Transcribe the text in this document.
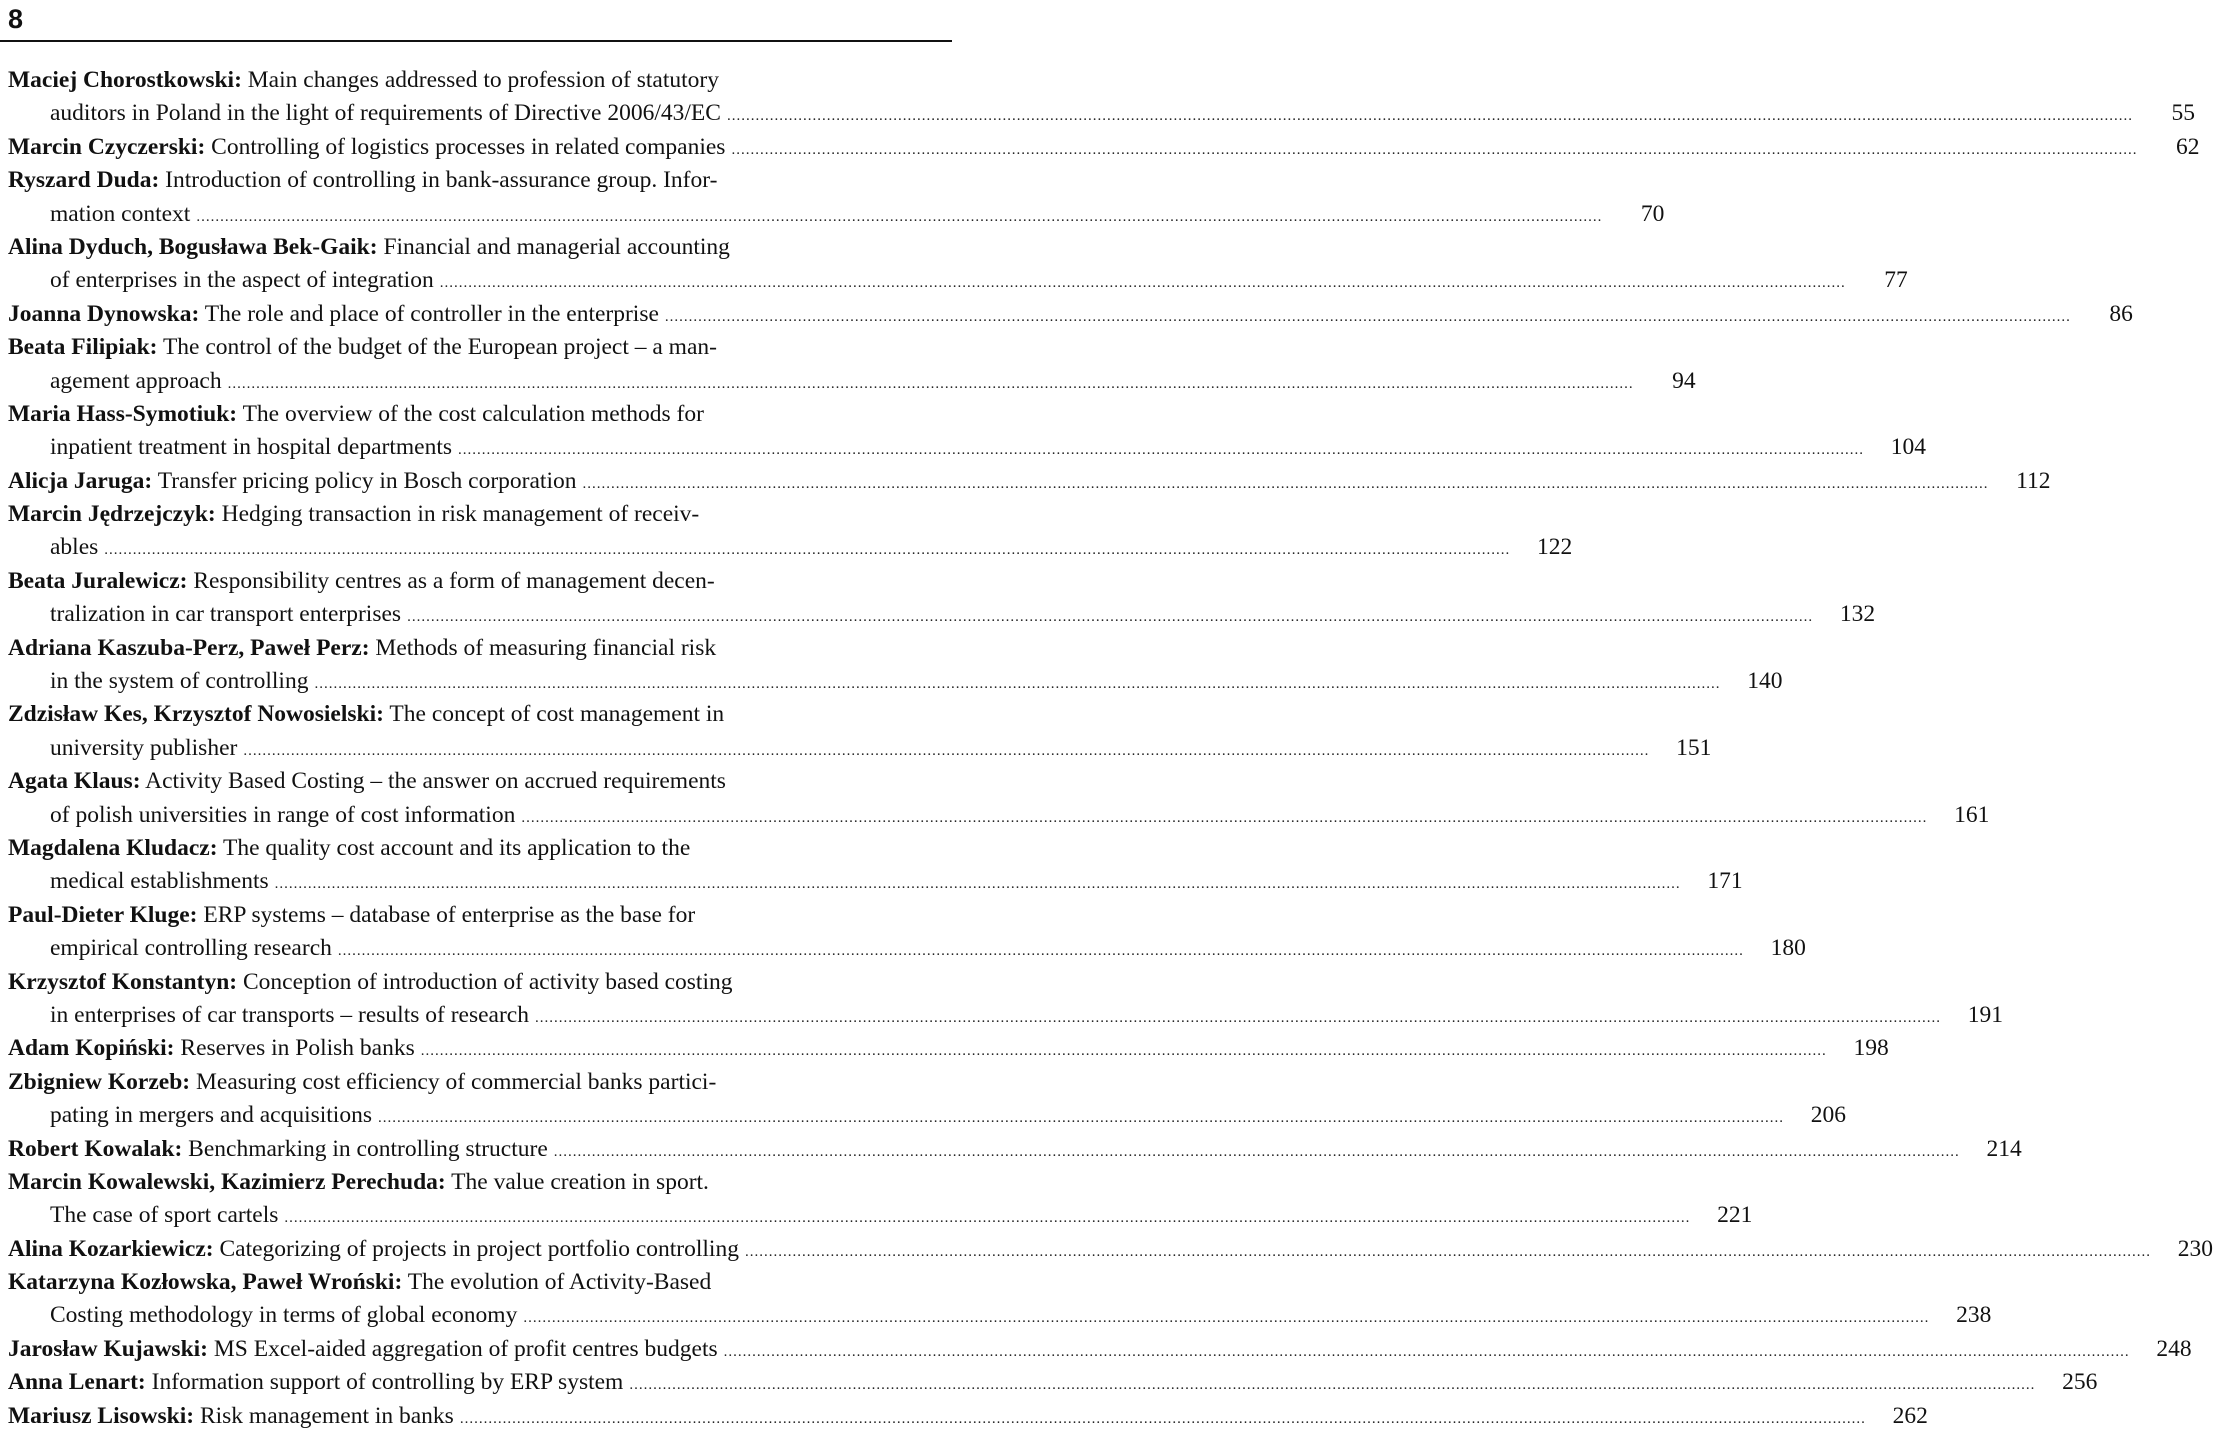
8
Maciej Chorostkowski: Main changes addressed to profession of statutory
auditors in Poland in the light of requirements of Directive 2006/43/EC .....	55
Marcin Czyczerski: Controlling of logistics processes in related companies .....	62
Ryszard Duda: Introduction of controlling in bank-assurance group. Infor-
mation context .....	70
Alina Dyduch, Bogusława Bek-Gaik: Financial and managerial accounting
of enterprises in the aspect of integration .....	77
Joanna Dynowska: The role and place of controller in the enterprise .....	86
Beata Filipiak: The control of the budget of the European project – a man-
agement approach .....	94
Maria Hass-Symotiuk: The overview of the cost calculation methods for
inpatient treatment in hospital departments .....	104
Alicja Jaruga: Transfer pricing policy in Bosch corporation .....	112
Marcin Jędrzejczyk: Hedging transaction in risk management of receiv-
ables .....	122
Beata Juralewicz: Responsibility centres as a form of management decen-
tralization in car transport enterprises .....	132
Adriana Kaszuba-Perz, Paweł Perz: Methods of measuring financial risk
in the system of controlling .....	140
Zdzisław Kes, Krzysztof Nowosielski: The concept of cost management in
university publisher .....	151
Agata Klaus: Activity Based Costing – the answer on accrued requirements
of polish universities in range of cost information .....	161
Magdalena Kludacz: The quality cost account and its application to the
medical establishments .....	171
Paul-Dieter Kluge: ERP systems – database of enterprise as the base for
empirical controlling research .....	180
Krzysztof Konstantyn: Conception of introduction of activity based costing
in enterprises of car transports – results of research .....	191
Adam Kopiński: Reserves in Polish banks .....	198
Zbigniew Korzeb: Measuring cost efficiency of commercial banks partici-
pating in mergers and acquisitions .....	206
Robert Kowalak: Benchmarking in controlling structure .....	214
Marcin Kowalewski, Kazimierz Perechuda: The value creation in sport.
The case of sport cartels .....	221
Alina Kozarkiewicz: Categorizing of projects in project portfolio controlling .....	230
Katarzyna Kozłowska, Paweł Wroński: The evolution of Activity-Based
Costing methodology in terms of global economy .....	238
Jarosław Kujawski: MS Excel-aided aggregation of profit centres budgets .....	248
Anna Lenart: Information support of controlling by ERP system .....	256
Mariusz Lisowski: Risk management in banks .....	262
